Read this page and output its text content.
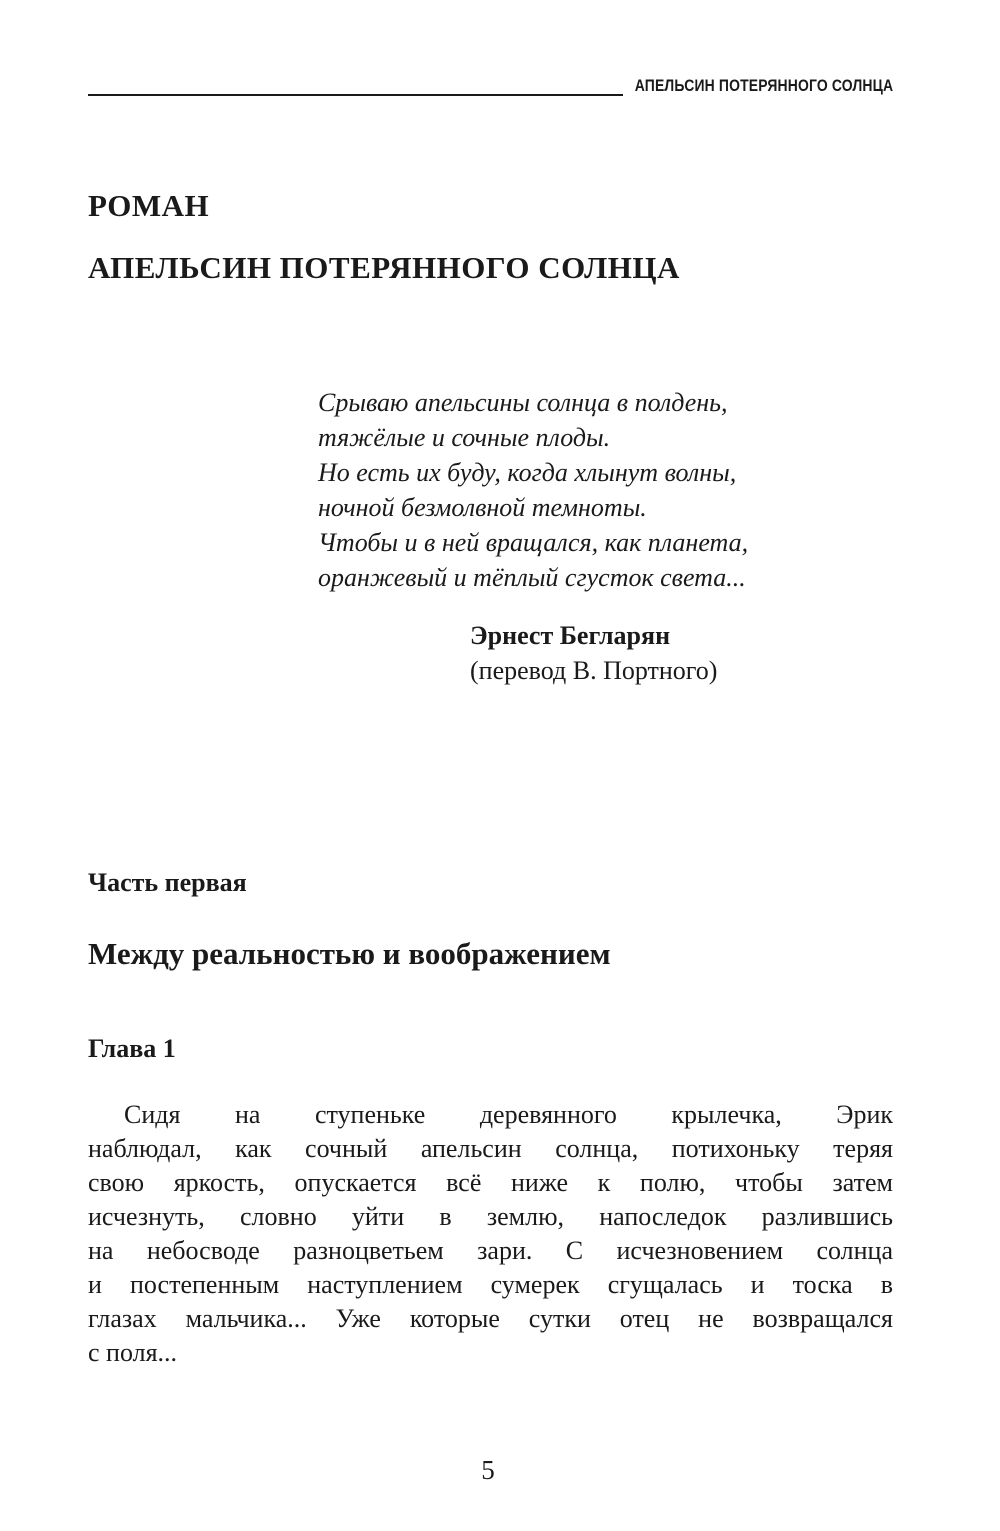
АПЕЛЬСИН ПОТЕРЯННОГО СОЛНЦА
РОМАН
АПЕЛЬСИН ПОТЕРЯННОГО СОЛНЦА
Срываю апельсины солнца в полдень,
тяжёлые и сочные плоды.
Но есть их буду, когда хлынут волны,
ночной безмолвной темноты.
Чтобы и в ней вращался, как планета,
оранжевый и тёплый сгусток света...
Эрнест Бегларян
(перевод В. Портного)
Часть первая
Между реальностью и воображением
Глава 1
Сидя на ступеньке деревянного крылечка, Эрик
наблюдал, как сочный апельсин солнца, потихоньку теряя
свою яркость, опускается всё ниже к полю, чтобы затем
исчезнуть, словно уйти в землю, напоследок разлившись
на небосводе разноцветьем зари. С исчезновением солнца
и постепенным наступлением сумерек сгущалась и тоска в
глазах мальчика... Уже которые сутки отец не возвращался
с поля...
5
